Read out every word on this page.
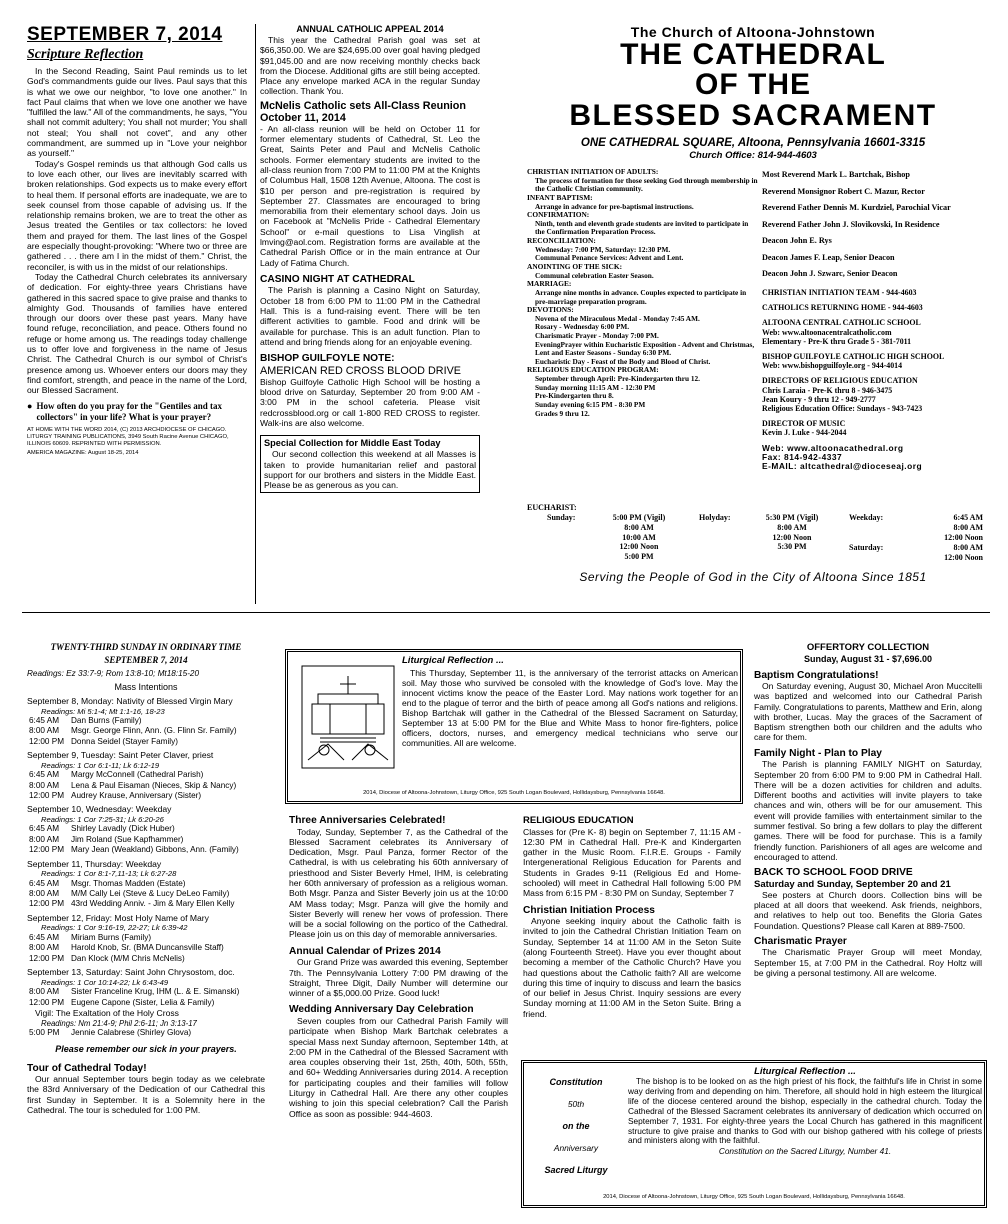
SEPTEMBER 7, 2014
Scripture Reflection

In the Second Reading, Saint Paul reminds us to let God's commandments guide our lives. Paul says that this is what we owe our neighbor, "to love one another." In fact Paul claims that when we love one another we have "fulfilled the law." All of the commandments, he says, "You shall not commit adultery; You shall not murder; You shall not steal; You shall not covet", and any other commandment, are summed up in "Love your neighbor as yourself."

Today's Gospel reminds us that although God calls us to love each other, our lives are inevitably scarred with broken relationships. God expects us to make every effort to heal them. If personal efforts are inadequate, we are to seek counsel from those capable of advising us. If the relationship remains broken, we are to treat the other as Jesus treated the Gentiles or tax collectors: he loved them and prayed for them. The last lines of the Gospel are especially thought-provoking: "Where two or three are gathered . . . there am I in the midst of them." Christ, the reconciler, is with us in the midst of our relationships.

Today the Cathedral Church celebrates its anniversary of dedication. For eighty-three years Christians have gathered in this sacred space to give praise and thanks to almighty God. Thousands of families have entered through our doors over these past years. Many have found refuge, reconciliation, and peace. Others found no refuge or home among us. The readings today challenge us to offer love and forgiveness in the name of Jesus Christ. The Cathedral Church is our symbol of Christ's presence among us. Whoever enters our doors may they find comfort, strength, and peace in the name of the Lord, our Blessed Sacrament.

● How often do you pray for the "Gentiles and tax collectors" in your life? What is your prayer?
AT HOME WITH THE WORD 2014, (C) 2013 ARCHDIOCESE OF CHICAGO. LITURGY TRAINING PUBLICATIONS, 3949 South Racine Avenue CHICAGO, ILLINOIS 60609. REPRINTED WITH PERMISSION.
AMERICA MAGAZINE: August 18-25, 2014
ANNUAL CATHOLIC APPEAL 2014

This year the Cathedral Parish goal was set at $66,350.00. We are $24,695.00 over goal having pledged $91,045.00 and are now receiving monthly checks back from the Diocese. Additional gifts are still being accepted. Place any envelope marked ACA in the regular Sunday collection. Thank You.

McNelis Catholic sets All-Class Reunion October 11, 2014

- An all-class reunion will be held on October 11 for former elementary students of Cathedral, St. Leo the Great, Saints Peter and Paul and McNelis Catholic schools. Former elementary students are invited to the all-class reunion from 7:00 PM to 11:00 PM at the Knights of Columbus Hall, 1508 12th Avenue, Altoona. The cost is $10 per person and pre-registration is required by September 27. Classmates are encouraged to bring memorabilia from their elementary school days. Join us on Facebook at "McNelis Pride - Cathedral Elementary School" or e-mail questions to Lisa Vinglish at lmving@aol.com. Registration forms are available at the Cathedral Parish Office or in the main entrance at Our Lady of Fatima Church.

CASINO NIGHT AT CATHEDRAL

The Parish is planning a Casino Night on Saturday, October 18 from 6:00 PM to 11:00 PM in the Cathedral Hall. This is a fund-raising event. There will be ten different activities to gamble. Food and drink will be available for purchase. This is an adult function. Plan to attend and bring friends along for an enjoyable evening.

BISHOP GUILFOYLE NOTE:
AMERICAN RED CROSS BLOOD DRIVE

Bishop Guilfoyle Catholic High School will be hosting a blood drive on Saturday, September 20 from 9:00 AM - 3:00 PM in the school cafeteria. Please visit redcrossblood.org or call 1-800 RED CROSS to register. Walk-ins are also welcome.

Special Collection for Middle East Today

Our second collection this weekend at all Masses is taken to provide humanitarian relief and pastoral support for our brothers and sisters in the Middle East. Please be as generous as you can.

The Church of Altoona-Johnstown
THE CATHEDRAL
OF THE
BLESSED SACRAMENT
ONE CATHEDRAL SQUARE, Altoona, Pennsylvania 16601-3315
Church Office: 814-944-4603
CHRISTIAN INITIATION OF ADULTS:
The process of formation for those seeking God through membership in the Catholic Christian community.
INFANT BAPTISM:
Arrange in advance for pre-baptismal instructions.
CONFIRMATION:
Ninth, tenth and eleventh grade students are invited to participate in the Confirmation Preparation Process.
RECONCILIATION:
Wednesday: 7:00 PM, Saturday: 12:30 PM.
Communal Penance Services: Advent and Lent.
ANOINTING OF THE SICK:
Communal celebration Easter Season.
MARRIAGE:
Arrange nine months in advance. Couples expected to participate in pre-marriage preparation program.
DEVOTIONS:
Novena of the Miraculous Medal - Monday 7:45 AM.
Rosary - Wednesday 6:00 PM.
Charismatic Prayer - Monday 7:00 PM.
EveningPrayer within Eucharistic Exposition - Advent and Christmas, Lent and Easter Seasons - Sunday 6:30 PM.
Eucharistic Day - Feast of the Body and Blood of Christ.
RELIGIOUS EDUCATION PROGRAM:
September through April: Pre-Kindergarten thru 12.
Sunday morning 11:15 AM - 12:30 PM
Pre-Kindergarten thru 8.
Sunday evening 6:15 PM - 8:30 PM
Grades 9 thru 12.
Most Reverend Mark L. Bartchak, Bishop
Reverend Monsignor Robert C. Mazur, Rector
Reverend Father Dennis M. Kurdziel, Parochial Vicar
Reverend Father John J. Slovikovski, In Residence
Deacon John E. Rys
Deacon James F. Leap, Senior Deacon
Deacon John J. Szwarc, Senior Deacon
CHRISTIAN INITIATION TEAM - 944-4603
CATHOLICS RETURNING HOME - 944-4603
ALTOONA CENTRAL CATHOLIC SCHOOL
Web: www.altoonacentralcatholic.com
Elementary - Pre-K thru Grade 5 - 381-7011
BISHOP GUILFOYLE CATHOLIC HIGH SCHOOL
Web: www.bishopguilfoyle.org - 944-4014
DIRECTORS OF RELIGIOUS EDUCATION
Chris Laraia - Pre-K thru 8 - 946-3475
Jean Koury - 9 thru 12 - 949-2777
Religious Education Office: Sundays - 943-7423
DIRECTOR OF MUSIC
Kevin J. Luke - 944-2044
Web: www.altoonacathedral.org
Fax: 814-942-4337
E-MAIL: altcathedral@dioceseaj.org
EUCHARIST:
Sunday:	5:00 PM (Vigil)
8:00 AM
10:00 AM
12:00 Noon
5:00 PM
Holyday:	5:30 PM (Vigil)
8:00 AM
12:00 Noon
5:30 PM
Weekday:	6:45 AM
8:00 AM
12:00 Noon
Saturday:	8:00 AM
12:00 Noon
Serving the People of God in the City of Altoona Since 1851
TWENTY-THIRD SUNDAY IN ORDINARY TIME
SEPTEMBER 7, 2014
Readings: Ez 33:7-9; Rom 13:8-10; Mt18:15-20
Mass Intentions
September 8, Monday: Nativity of Blessed Virgin Mary
Readings: Mi 5:1-4; Mt 1:1-16, 18-23
6:45 AM	Dan Burns (Family)
8:00 AM	Msgr. George Flinn, Ann. (G. Flinn Sr. Family)
12:00 PM Donna Seidel (Stayer Family)
September 9, Tuesday: Saint Peter Claver, priest
Readings: 1 Cor 6:1-11; Lk 6:12-19
6:45 AM	Margy McConnell (Cathedral Parish)
8:00 AM	Lena & Paul Eisaman (Nieces, Skip & Nancy)
12:00 PM Audrey Krause, Anniversary (Sister)
September 10, Wednesday: Weekday
Readings: 1 Cor 7:25-31; Lk 6:20-26
6:45 AM	Shirley Lavadly (Dick Huber)
8:00 AM	Jim Roland (Sue Kapfhammer)
12:00 PM Mary Jean (Weakland) Gibbons, Ann. (Family)
September 11, Thursday: Weekday
Readings: 1 Cor 8:1-7,11-13; Lk 6:27-28
6:45 AM	Msgr. Thomas Madden (Estate)
8:00 AM	M/M Cally Lei (Steve & Lucy DeLeo Family)
12:00 PM 43rd Wedding Anniv. - Jim & Mary Ellen Kelly
September 12, Friday: Most Holy Name of Mary
Readings: 1 Cor 9:16-19, 22-27; Lk 6:39-42
6:45 AM	Miriam Burns (Family)
8:00 AM	Harold Knob, Sr. (BMA Duncansville Staff)
12:00 PM Dan Klock (M/M Chris McNelis)
September 13, Saturday: Saint John Chrysostom, doc.
Readings: 1 Cor 10:14-22; Lk 6:43-49
8:00 AM	Sister Franceline Krug, IHM (L. & E. Simanski)
12:00 PM Eugene Capone (Sister, Lelia & Family)
Vigil: The Exaltation of the Holy Cross
Readings: Nm 21:4-9; Phil 2:6-11; Jn 3:13-17
5:00 PM	Jennie Calabrese (Shirley Glova)
Please remember our sick in your prayers.
Tour of Cathedral Today!

Our annual September tours begin today as we celebrate the 83rd Anniversary of the Dedication of our Cathedral this first Sunday in September. It is a Solemnity here in the Cathedral. The tour is scheduled for 1:00 PM.

Liturgical Reflection ...

This Thursday, September 11, is the anniversary of the terrorist attacks on American soil. May those who survived be consoled with the knowledge of God's love. May the innocent victims know the peace of the Easter Lord. May nations work together for an end to the plague of terror and the birth of peace among all God's nations and religions. Bishop Bartchak will gather in the Cathedral of the Blessed Sacrament on Saturday, September 13 at 5:00 PM for the Blue and White Mass to honor fire-fighters, police officers, doctors, nurses, and emergency medical technicians who serve our communities. All are welcome.

2014, Diocese of Altoona-Johnstown, Liturgy Office, 925 South Logan Boulevard, Hollidaysburg, Pennsylvania 16648.
Three Anniversaries Celebrated!

Today, Sunday, September 7, as the Cathedral of the Blessed Sacrament celebrates its Anniversary of Dedication, Msgr. Paul Panza, former Rector of the Cathedral, is with us celebrating his 60th anniversary of priesthood and Sister Beverly Hmel, IHM, is celebrating her 60th anniversary of profession as a religious woman. Both Msgr. Panza and Sister Beverly join us at the 10:00 AM Mass today; Msgr. Panza will give the homily and Sister Beverly will renew her vows of profession. There will be a social following on the portico of the Cathedral. Please join us on this day of memorable anniversaries.

Annual Calendar of Prizes 2014

Our Grand Prize was awarded this evening, September 7th. The Pennsylvania Lottery 7:00 PM drawing of the Straight, Three Digit, Daily Number will determine our winner of a $5,000.00 Prize. Good luck!

Wedding Anniversary Day Celebration

Seven couples from our Cathedral Parish Family will participate when Bishop Mark Bartchak celebrates a special Mass next Sunday afternoon, September 14th, at 2:00 PM in the Cathedral of the Blessed Sacrament with area couples observing their 1st, 25th, 40th, 50th, 55th, and 60+ Wedding Anniversaries during 2014. A reception for participating couples and their families will follow Liturgy in Cathedral Hall. Are there any other couples wishing to join this special celebration? Call the Parish Office as soon as possible: 944-4603.

RELIGIOUS EDUCATION

Classes for (Pre K- 8) begin on September 7, 11:15 AM - 12:30 PM in Cathedral Hall. Pre-K and Kindergarten gather in the Music Room. F.I.R.E. Groups - Family Intergenerational Religious Education for Parents and Students in Grades 9-11 (Religious Ed and Home-schooled) will meet in Cathedral Hall following 5:00 PM Mass from 6:15 PM - 8:30 PM on Sunday, September 7

Christian Initiation Process

Anyone seeking inquiry about the Catholic faith is invited to join the Cathedral Christian Initiation Team on Sunday, September 14 at 11:00 AM in the Seton Suite (along Fourteenth Street). Have you ever thought about becoming a member of the Catholic Church? Have you had questions about the Catholic faith? All are welcome during this time of inquiry to discuss and learn the basics of our belief in Jesus Christ. Inquiry sessions are every Sunday morning at 11:00 AM in the Seton Suite. Bring a friend.

OFFERTORY COLLECTION
Sunday, August 31 - $7,696.00
Baptism Congratulations!

On Saturday evening, August 30, Michael Aron Muccitelli was baptized and welcomed into our Cathedral Parish Family. Congratulations to parents, Matthew and Erin, along with brother, Lucas. May the graces of the Sacrament of Baptism strengthen both our children and the adults who care for them.

Family Night - Plan to Play

The Parish is planning FAMILY NIGHT on Saturday, September 20 from 6:00 PM to 9:00 PM in Cathedral Hall. There will be a dozen activities for children and adults. Different booths and activities will invite players to take chances and win, others will be for our amusement. This event will provide families with entertainment similar to the summer festival. So bring a few dollars to play the different games. There will be food for purchase. This is a family friendly function. Parishioners of all ages are welcome and encouraged to attend.

BACK TO SCHOOL FOOD DRIVE
Saturday and Sunday, September 20 and 21

See posters at Church doors. Collection bins will be placed at all doors that weekend. Ask friends, neighbors, and relatives to help out too. Benefits the Gloria Gates Foundation. Questions? Please call Karen at 889-7500.

Charismatic Prayer

The Charismatic Prayer Group will meet Monday, September 15, at 7:00 PM in the Cathedral. Roy Holtz will be giving a personal testimony. All are welcome.

Constitution
50th
on the
Anniversary
Sacred Liturgy
Liturgical Reflection ...

The bishop is to be looked on as the high priest of his flock, the faithful's life in Christ in some way deriving from and depending on him. Therefore, all should hold in high esteem the liturgical life of the diocese centered around the bishop, especially in the cathedral church. Today the Cathedral of the Blessed Sacrament celebrates its anniversary of dedication which occurred on September 7, 1931. For eighty-three years the Local Church has gathered in this magnificent structure to give praise and thanks to God with our bishop gathered with his college of priests and ministers along with the faithful.

Constitution on the Sacred Liturgy, Number 41.
2014, Diocese of Altoona-Johnstown, Liturgy Office, 925 South Logan Boulevard, Hollidaysburg, Pennsylvania 16648.
